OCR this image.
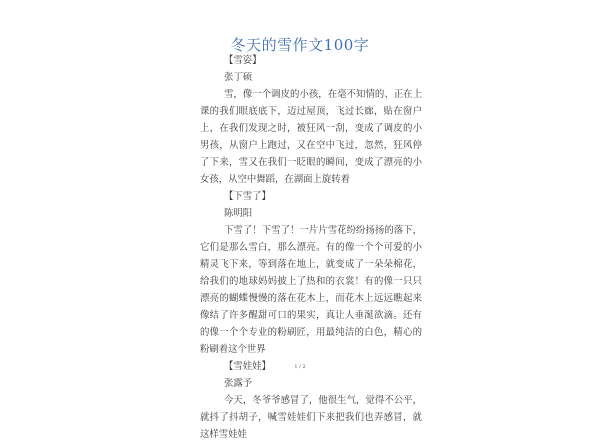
冬天的雪作文100字
【雪姿】
张丁硕

雪，像一个调皮的小孩，在毫不知情的、正在上课的我们眼底底下，迈过屋顶，飞过长廊，贴在窗户上，在我们发现之时，被狂风一刮，变成了调皮的小男孩，从窗户上跑过，又在空中飞过，忽然，狂风停了下来，雪又在我们一眨眼的瞬间，变成了漂亮的小女孩，从空中舞蹈，在湖面上旋转着

【下雪了】
陈明阳

下雪了！下雪了！一片片雪花纷纷扬扬的落下，它们是那么雪白，那么漂亮。有的像一个个可爱的小精灵飞下来，等到落在地上，就变成了一朵朵棉花，给我们的地球妈妈披上了热和的衣裳！有的像一只只漂亮的蝴蝶慢慢的落在花木上，而花木上远远瞧起来像结了许多醒甜可口的果实，真让人垂涎欲滴。还有的像一个个专业的粉刷匠，用最纯洁的白色，精心的粉刷着这个世界

【雪娃娃】
张露予

今天，冬爷爷感冒了，他很生气，觉得不公平，就抖了抖胡子，喊雪娃娃们下来把我们也弄感冒，就这样雪娃娃

1 / 2
